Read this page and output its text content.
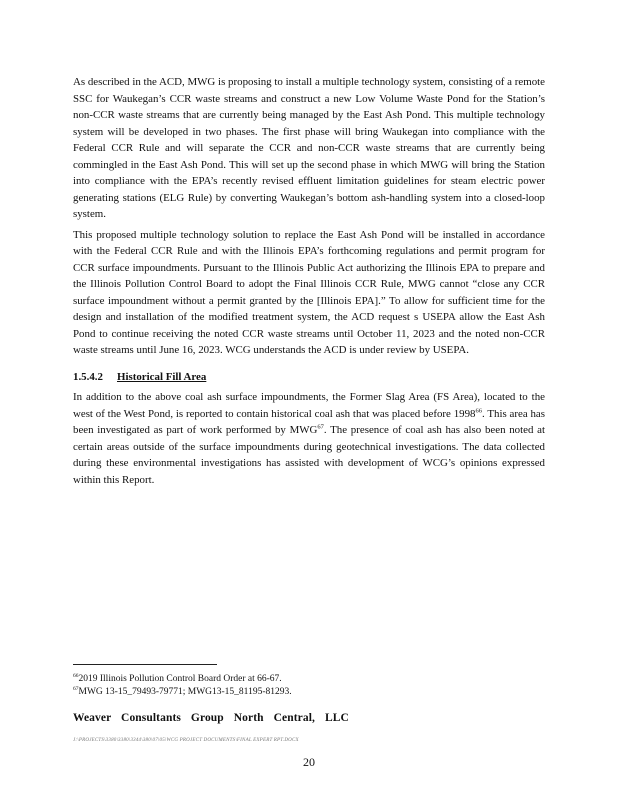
As described in the ACD, MWG is proposing to install a multiple technology system, consisting of a remote SSC for Waukegan’s CCR waste streams and construct a new Low Volume Waste Pond for the Station’s non-CCR waste streams that are currently being managed by the East Ash Pond. This multiple technology system will be developed in two phases. The first phase will bring Waukegan into compliance with the Federal CCR Rule and will separate the CCR and non-CCR waste streams that are currently being commingled in the East Ash Pond. This will set up the second phase in which MWG will bring the Station into compliance with the EPA’s recently revised effluent limitation guidelines for steam electric power generating stations (ELG Rule) by converting Waukegan’s bottom ash-handling system into a closed-loop system.

This proposed multiple technology solution to replace the East Ash Pond will be installed in accordance with the Federal CCR Rule and with the Illinois EPA’s forthcoming regulations and permit program for CCR surface impoundments. Pursuant to the Illinois Public Act authorizing the Illinois EPA to prepare and the Illinois Pollution Control Board to adopt the Final Illinois CCR Rule, MWG cannot “close any CCR surface impoundment without a permit granted by the [Illinois EPA].” To allow for sufficient time for the design and installation of the modified treatment system, the ACD request s USEPA allow the East Ash Pond to continue receiving the noted CCR waste streams until October 11, 2023 and the noted non-CCR waste streams until June 16, 2023. WCG understands the ACD is under review by USEPA.

1.5.4.2 Historical Fill Area

In addition to the above coal ash surface impoundments, the Former Slag Area (FS Area), located to the west of the West Pond, is reported to contain historical coal ash that was placed before 1998$^{66}$. This area has been investigated as part of work performed by MWG$^{67}$. The presence of coal ash has also been noted at certain areas outside of the surface impoundments during geotechnical investigations. The data collected during these environmental investigations has assisted with development of WCG’s opinions expressed within this Report.

$^{66}$2019 Illinois Pollution Control Board Order at 66-67.
$^{67}$MWG 13-15_79493-79771; MWG13-15_81195-81293.
Weaver Consultants Group North Central, LLC
J:\PROJECTS\3380\3380\3344\380\07\05\WCG PROJECT DOCUMENTS\FINAL EXPERT RPT.DOCX
20
